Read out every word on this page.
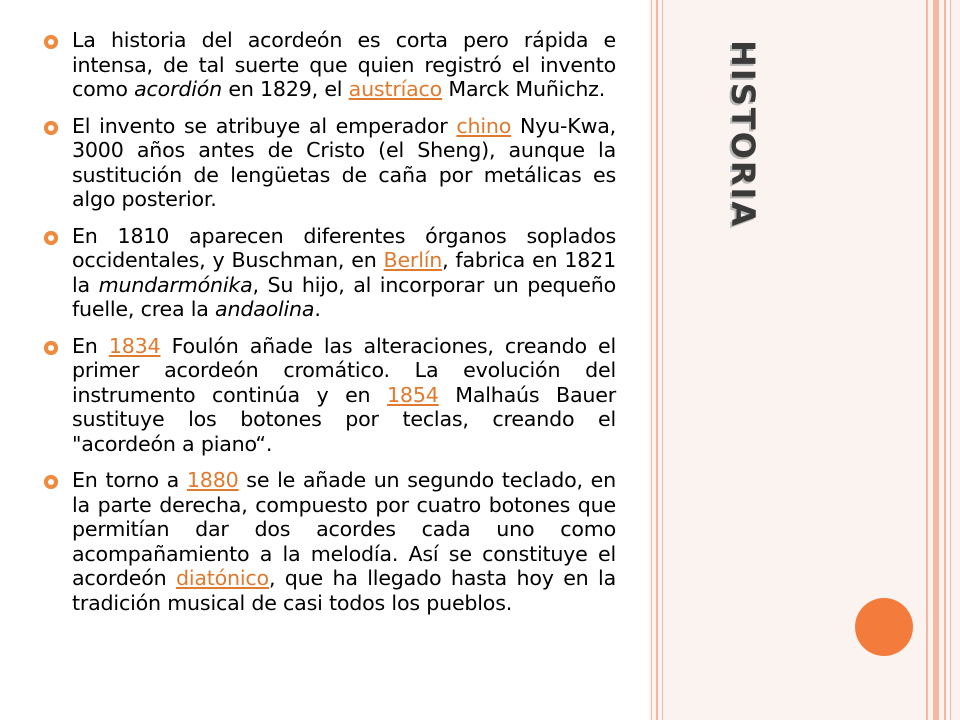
HISTORIA

La historia del acordeón es corta pero rápida e intensa, de tal suerte que quien registró el invento como acordión en 1829, el austríaco Marck Muñichz.

El invento se atribuye al emperador chino Nyu-Kwa, 3000 años antes de Cristo (el Sheng), aunque la sustitución de lengüetas de caña por metálicas es algo posterior.

En 1810 aparecen diferentes órganos soplados occidentales, y Buschman, en Berlín, fabrica en 1821 la mundarmónika, Su hijo, al incorporar un pequeño fuelle, crea la andaolina.

En 1834 Foulón añade las alteraciones, creando el primer acordeón cromático. La evolución del instrumento continúa y en 1854 Malhaús Bauer sustituye los botones por teclas, creando el "acordeón a piano“.

En torno a 1880 se le añade un segundo teclado, en la parte derecha, compuesto por cuatro botones que permitían dar dos acordes cada uno como acompañamiento a la melodía. Así se constituye el acordeón diatónico, que ha llegado hasta hoy en la tradición musical de casi todos los pueblos.
